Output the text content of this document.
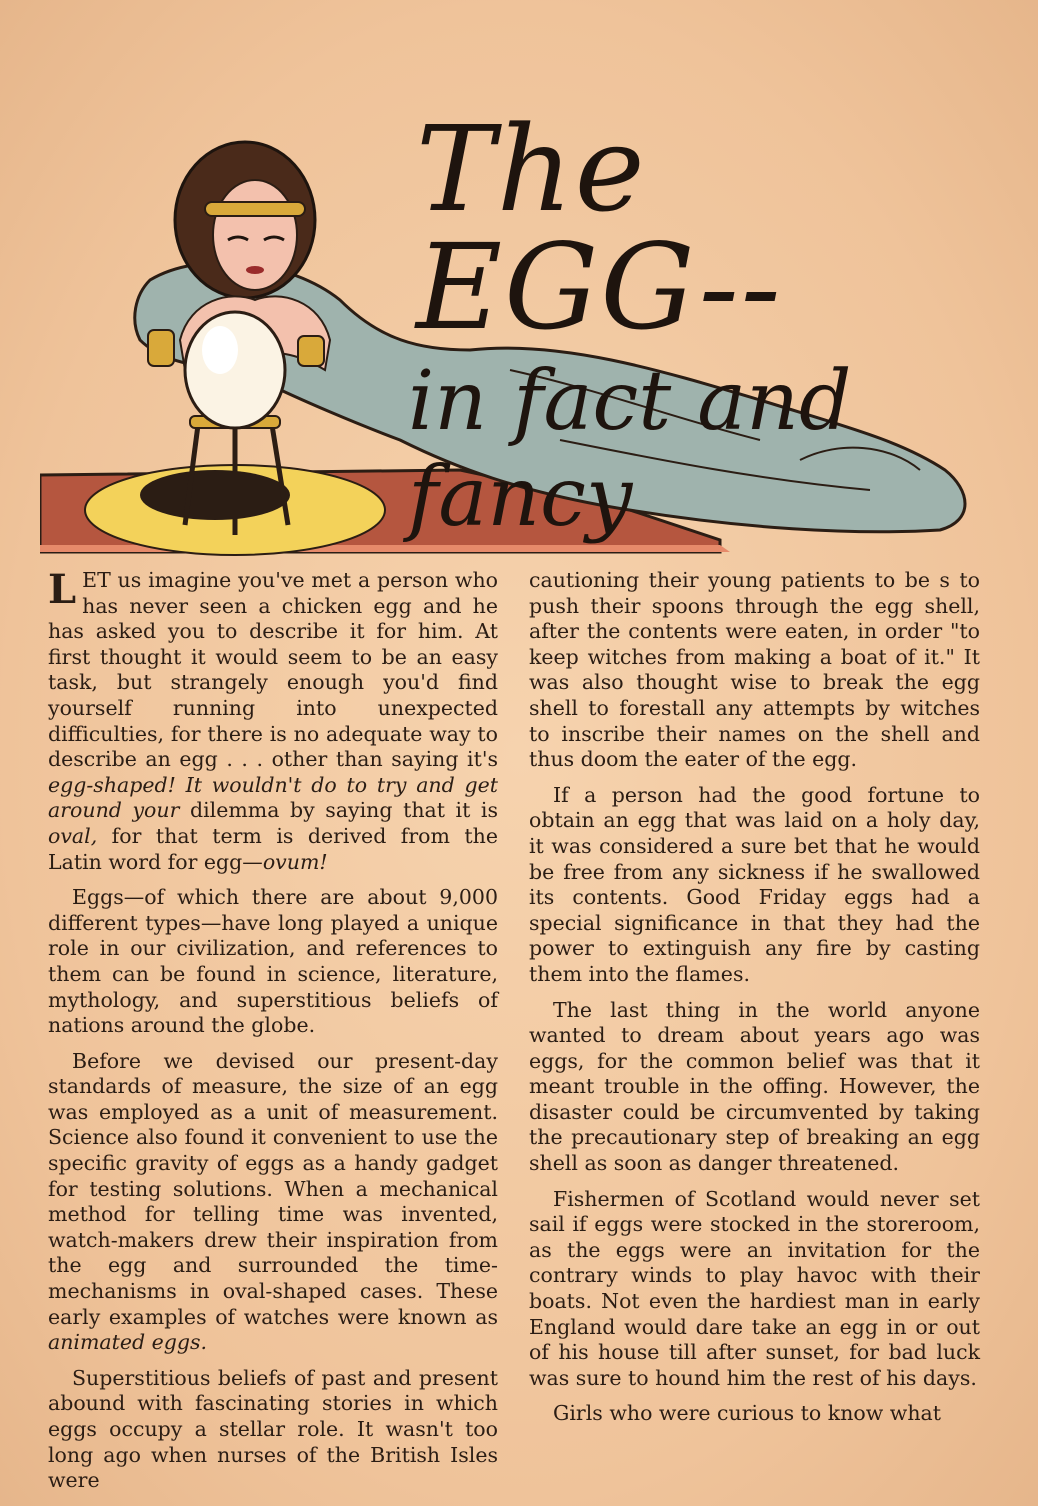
The EGG--
in fact and fancy

LET us imagine you've met a person who has never seen a chicken egg and he has asked you to describe it for him. At first thought it would seem to be an easy task, but strangely enough you'd find yourself running into unexpected difficulties, for there is no adequate way to describe an egg . . . other than saying it's egg-shaped! It wouldn't do to try and get around your dilemma by saying that it is oval, for that term is derived from the Latin word for egg—ovum!

Eggs—of which there are about 9,000 different types—have long played a unique role in our civilization, and references to them can be found in science, literature, mythology, and superstitious beliefs of nations around the globe.

Before we devised our present-day standards of measure, the size of an egg was employed as a unit of measurement. Science also found it convenient to use the specific gravity of eggs as a handy gadget for testing solutions. When a mechanical method for telling time was invented, watch-makers drew their inspiration from the egg and surrounded the time-mechanisms in oval-shaped cases. These early examples of watches were known as animated eggs.

Superstitious beliefs of past and present abound with fascinating stories in which eggs occupy a stellar role. It wasn't too long ago when nurses of the British Isles were

cautioning their young patients to be s to push their spoons through the egg shell, after the contents were eaten, in order "to keep witches from making a boat of it." It was also thought wise to break the egg shell to forestall any attempts by witches to inscribe their names on the shell and thus doom the eater of the egg.

If a person had the good fortune to obtain an egg that was laid on a holy day, it was considered a sure bet that he would be free from any sickness if he swallowed its contents. Good Friday eggs had a special significance in that they had the power to extinguish any fire by casting them into the flames.

The last thing in the world anyone wanted to dream about years ago was eggs, for the common belief was that it meant trouble in the offing. However, the disaster could be circumvented by taking the precautionary step of breaking an egg shell as soon as danger threatened.

Fishermen of Scotland would never set sail if eggs were stocked in the storeroom, as the eggs were an invitation for the contrary winds to play havoc with their boats. Not even the hardiest man in early England would dare take an egg in or out of his house till after sunset, for bad luck was sure to hound him the rest of his days.

Girls who were curious to know what
